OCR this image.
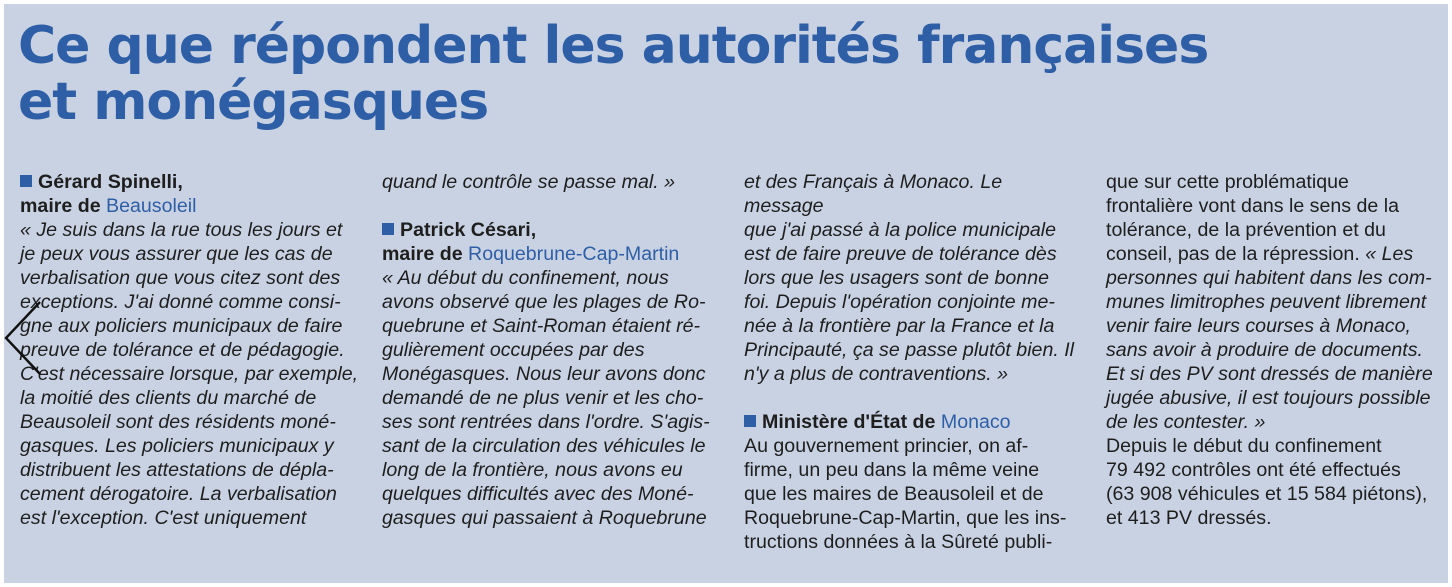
Ce que répondent les autorités françaises
et monégasques
Gérard Spinelli,
maire de Beausoleil
« Je suis dans la rue tous les jours et
je peux vous assurer que les cas de
verbalisation que vous citez sont des
exceptions. J'ai donné comme consi-
gne aux policiers municipaux de faire
preuve de tolérance et de pédagogie.
C'est nécessaire lorsque, par exemple,
la moitié des clients du marché de
Beausoleil sont des résidents moné-
gasques. Les policiers municipaux y
distribuent les attestations de dépla-
cement dérogatoire. La verbalisation
est l'exception. C'est uniquement
quand le contrôle se passe mal. »
Patrick Césari,
maire de Roquebrune-Cap-Martin
« Au début du confinement, nous
avons observé que les plages de Ro-
quebrune et Saint-Roman étaient ré-
gulièrement occupées par des
Monégasques. Nous leur avons donc
demandé de ne plus venir et les cho-
ses sont rentrées dans l'ordre. S'agis-
sant de la circulation des véhicules le
long de la frontière, nous avons eu
quelques difficultés avec des Moné-
gasques qui passaient à Roquebrune
et des Français à Monaco. Le message
que j'ai passé à la police municipale
est de faire preuve de tolérance dès
lors que les usagers sont de bonne
foi. Depuis l'opération conjointe me-
née à la frontière par la France et la
Principauté, ça se passe plutôt bien. Il
n'y a plus de contraventions. »
Ministère d'État de Monaco
Au gouvernement princier, on af-
firme, un peu dans la même veine
que les maires de Beausoleil et de
Roquebrune-Cap-Martin, que les ins-
tructions données à la Sûreté publi-
que sur cette problématique
frontalière vont dans le sens de la
tolérance, de la prévention et du
conseil, pas de la répression. « Les
personnes qui habitent dans les com-
munes limitrophes peuvent librement
venir faire leurs courses à Monaco,
sans avoir à produire de documents.
Et si des PV sont dressés de manière
jugée abusive, il est toujours possible
de les contester. »
Depuis le début du confinement
79 492 contrôles ont été effectués
(63 908 véhicules et 15 584 piétons),
et 413 PV dressés.
